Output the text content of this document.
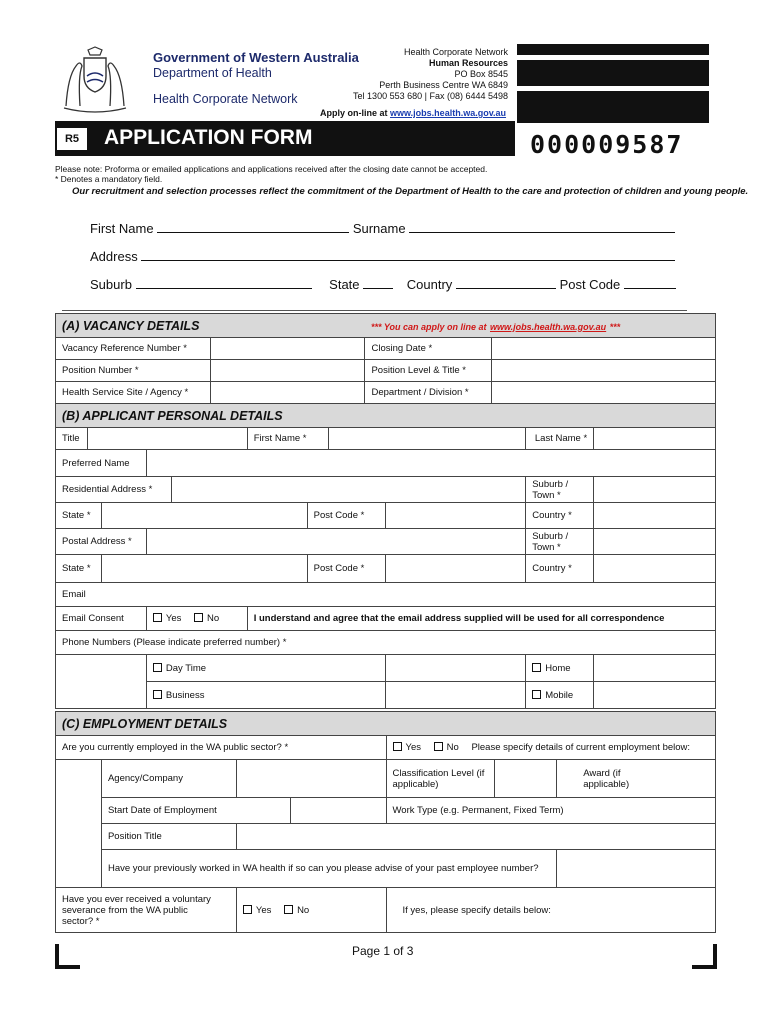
Government of Western Australia
Department of Health
Health Corporate Network
Health Corporate Network
Human Resources
PO Box 8545
Perth Business Centre WA 6849
Tel 1300 553 680 | Fax (08) 6444 5498
Apply on-line at www.jobs.health.wa.gov.au
R5	APPLICATION FORM	000009587
Please note: Proforma or emailed applications and applications received after the closing date cannot be accepted.
* Denotes a mandatory field.
Our recruitment and selection processes reflect the commitment of the Department of Health to the care and protection of children and young people.
First Name	Surname
Address
Suburb	State	Country	Post Code
(A) VACANCY DETAILS		*** You can apply on line at www.jobs.health.wa.gov.au ***	
Vacancy Reference Number *		Closing Date *	
Position Number *		Position Level & Title *	
Health Service Site / Agency *		Department / Division *	
(B) APPLICANT PERSONAL DETAILS										
Title					First Name *				Last Name *	
Preferred Name										
Residential Address *									Suburb / Town *	
State *						Post Code *			Country *	
Postal Address *									Suburb / Town *	
State *						Post Code *			Country *	
Email										
Email Consent			Yes No		I understand and agree that the email address supplied will be used for all correspondence					
Phone Numbers (Please indicate preferred number) *										
			Day Time						Home	
			Business						Mobile	
(C) EMPLOYMENT DETAILS						
Are you currently employed in the WA public sector? *				Yes No Please specify details of current employment below:		
	Agency/Company			Classification Level (if applicable)		Award (if applicable)
	Start Date of Employment			Work Type (e.g. Permanent, Fixed Term)		
	Position Title					
	Have your previously worked in WA health if so can you please advise of your past employee number?					
Have you ever received a voluntary severance from the WA public sector? *		Yes No		If yes, please specify details below:		
Page 1 of 3
